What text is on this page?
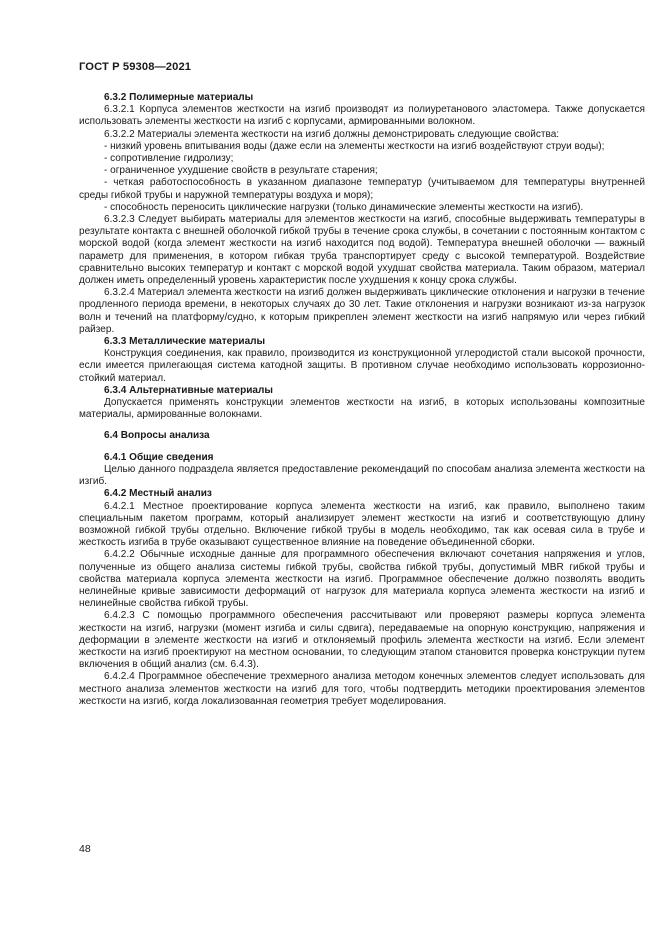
ГОСТ Р 59308—2021

6.3.2 Полимерные материалы

6.3.2.1 Корпуса элементов жесткости на изгиб производят из полиуретанового эластомера. Также допускается использовать элементы жесткости на изгиб с корпусами, армированными волокном.

6.3.2.2 Материалы элемента жесткости на изгиб должны демонстрировать следующие свойства:

- низкий уровень впитывания воды (даже если на элементы жесткости на изгиб воздействуют струи воды);

- сопротивление гидролизу;

- ограниченное ухудшение свойств в результате старения;

- четкая работоспособность в указанном диапазоне температур (учитываемом для температуры внутренней среды гибкой трубы и наружной температуры воздуха и моря);

- способность переносить циклические нагрузки (только динамические элементы жесткости на изгиб).

6.3.2.3 Следует выбирать материалы для элементов жесткости на изгиб, способные выдерживать температуры в результате контакта с внешней оболочкой гибкой трубы в течение срока службы, в сочетании с постоянным контактом с морской водой (когда элемент жесткости на изгиб находится под водой). Температура внешней оболочки — важный параметр для применения, в котором гибкая труба транспортирует среду с высокой температурой. Воздействие сравнительно высоких температур и контакт с морской водой ухудшат свойства материала. Таким образом, материал должен иметь определенный уровень характеристик после ухудшения к концу срока службы.

6.3.2.4 Материал элемента жесткости на изгиб должен выдерживать циклические отклонения и нагрузки в течение продленного периода времени, в некоторых случаях до 30 лет. Такие отклонения и нагрузки возникают из-за нагрузок волн и течений на платформу/судно, к которым прикреплен элемент жесткости на изгиб напрямую или через гибкий райзер.

6.3.3 Металлические материалы

Конструкция соединения, как правило, производится из конструкционной углеродистой стали высокой прочности, если имеется прилегающая система катодной защиты. В противном случае необходимо использовать коррозионно-стойкий материал.

6.3.4 Альтернативные материалы

Допускается применять конструкции элементов жесткости на изгиб, в которых использованы композитные материалы, армированные волокнами.

6.4 Вопросы анализа

6.4.1 Общие сведения

Целью данного подраздела является предоставление рекомендаций по способам анализа элемента жесткости на изгиб.

6.4.2 Местный анализ

6.4.2.1 Местное проектирование корпуса элемента жесткости на изгиб, как правило, выполнено таким специальным пакетом программ, который анализирует элемент жесткости на изгиб и соответствующую длину возможной гибкой трубы отдельно. Включение гибкой трубы в модель необходимо, так как осевая сила в трубе и жесткость изгиба в трубе оказывают существенное влияние на поведение объединенной сборки.

6.4.2.2 Обычные исходные данные для программного обеспечения включают сочетания напряжения и углов, полученные из общего анализа системы гибкой трубы, свойства гибкой трубы, допустимый MBR гибкой трубы и свойства материала корпуса элемента жесткости на изгиб. Программное обеспечение должно позволять вводить нелинейные кривые зависимости деформаций от нагрузок для материала корпуса элемента жесткости на изгиб и нелинейные свойства гибкой трубы.

6.4.2.3 С помощью программного обеспечения рассчитывают или проверяют размеры корпуса элемента жесткости на изгиб, нагрузки (момент изгиба и силы сдвига), передаваемые на опорную конструкцию, напряжения и деформации в элементе жесткости на изгиб и отклоняемый профиль элемента жесткости на изгиб. Если элемент жесткости на изгиб проектируют на местном основании, то следующим этапом становится проверка конструкции путем включения в общий анализ (см. 6.4.3).

6.4.2.4 Программное обеспечение трехмерного анализа методом конечных элементов следует использовать для местного анализа элементов жесткости на изгиб для того, чтобы подтвердить методики проектирования элементов жесткости на изгиб, когда локализованная геометрия требует моделирования.

48
